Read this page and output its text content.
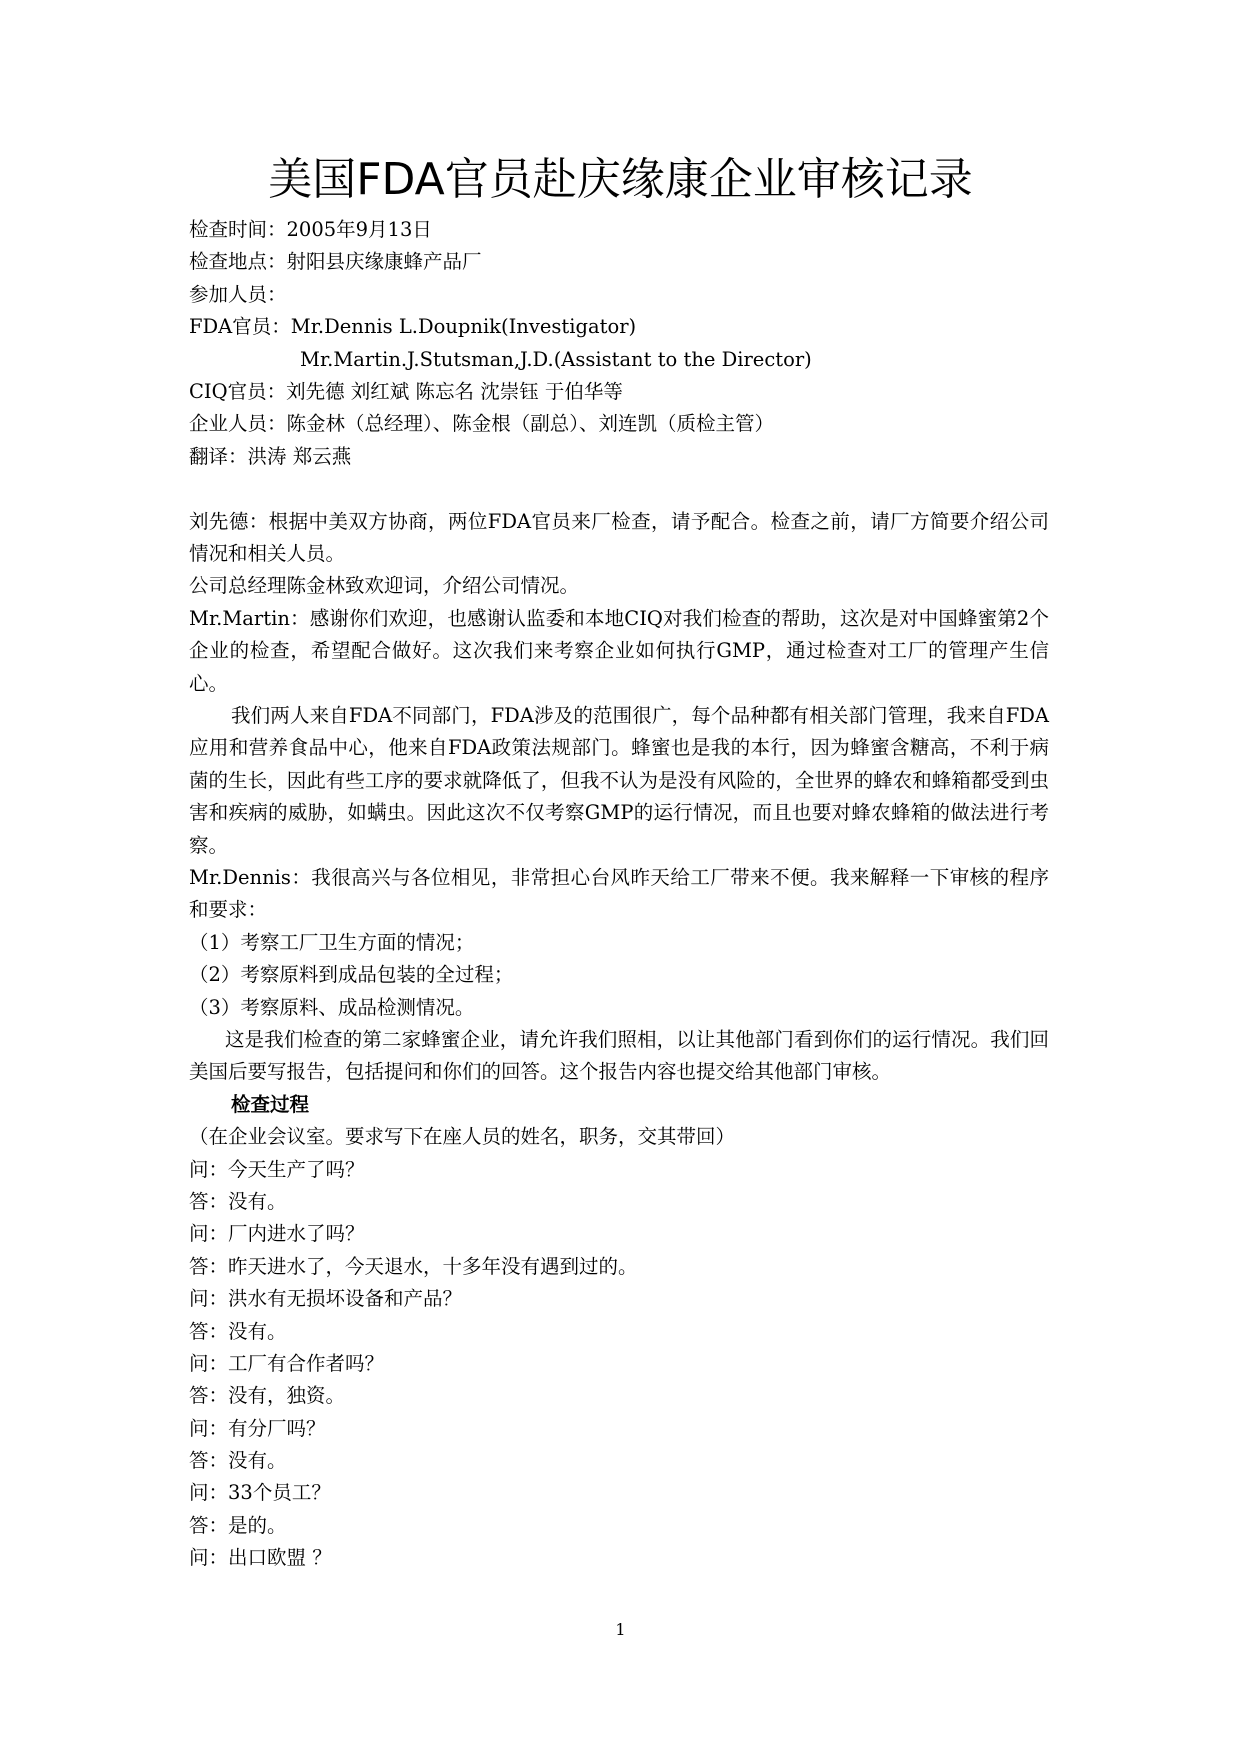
美国FDA官员赴庆缘康企业审核记录
检查时间：2005年9月13日
检查地点：射阳县庆缘康蜂产品厂
参加人员：
FDA官员：Mr.Dennis L.Doupnik(Investigator)
Mr.Martin.J.Stutsman,J.D.(Assistant to the Director)
CIQ官员：刘先德 刘红斌 陈忘名 沈崇钰 于伯华等
企业人员：陈金林（总经理）、陈金根（副总）、刘连凯（质检主管）
翻译：洪涛 郑云燕
刘先德：根据中美双方协商，两位FDA官员来厂检查，请予配合。检查之前，请厂方简要介绍公司情况和相关人员。
公司总经理陈金林致欢迎词，介绍公司情况。
Mr.Martin：感谢你们欢迎，也感谢认监委和本地CIQ对我们检查的帮助，这次是对中国蜂蜜第2个企业的检查，希望配合做好。这次我们来考察企业如何执行GMP，通过检查对工厂的管理产生信心。
我们两人来自FDA不同部门，FDA涉及的范围很广，每个品种都有相关部门管理，我来自FDA应用和营养食品中心，他来自FDA政策法规部门。蜂蜜也是我的本行，因为蜂蜜含糖高，不利于病菌的生长，因此有些工序的要求就降低了，但我不认为是没有风险的，全世界的蜂农和蜂箱都受到虫害和疾病的威胁，如螨虫。因此这次不仅考察GMP的运行情况，而且也要对蜂农蜂箱的做法进行考察。
Mr.Dennis：我很高兴与各位相见，非常担心台风昨天给工厂带来不便。我来解释一下审核的程序和要求：
（1）考察工厂卫生方面的情况；
（2）考察原料到成品包装的全过程；
（3）考察原料、成品检测情况。
这是我们检查的第二家蜂蜜企业，请允许我们照相，以让其他部门看到你们的运行情况。我们回美国后要写报告，包括提问和你们的回答。这个报告内容也提交给其他部门审核。
检查过程
（在企业会议室。要求写下在座人员的姓名，职务，交其带回）
问：今天生产了吗？
答：没有。
问：厂内进水了吗？
答：昨天进水了，今天退水，十多年没有遇到过的。
问：洪水有无损坏设备和产品？
答：没有。
问：工厂有合作者吗？
答：没有，独资。
问：有分厂吗？
答：没有。
问：33个员工？
答：是的。
问：出口欧盟 ？
1
